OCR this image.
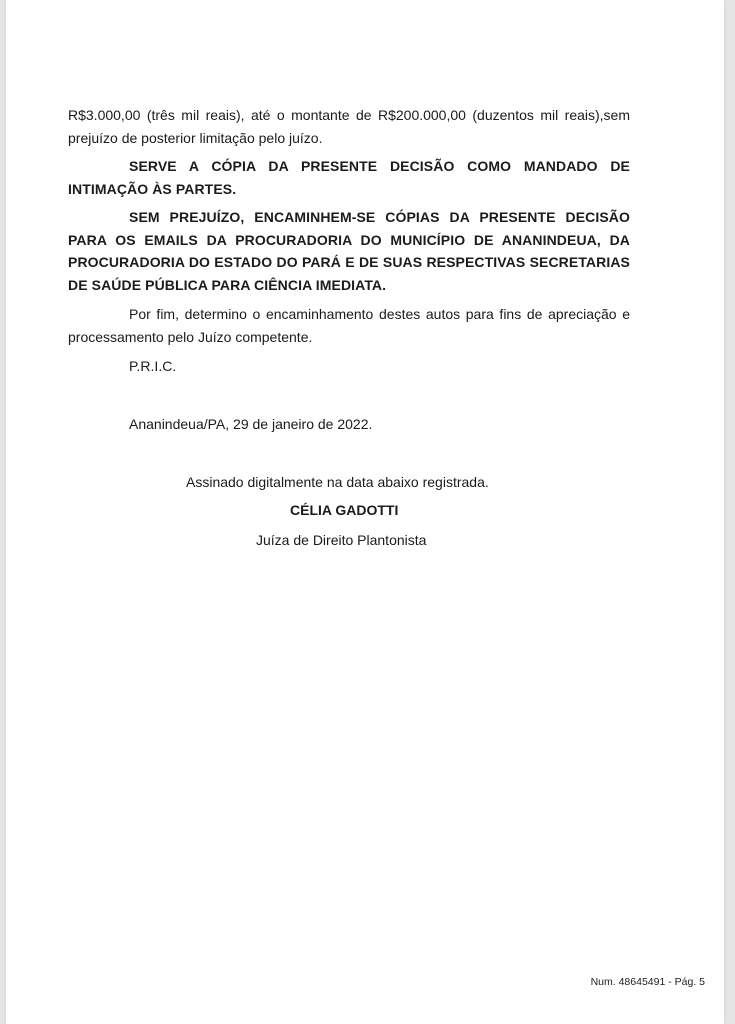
R$3.000,00 (três mil reais), até o montante de R$200.000,00 (duzentos mil reais),sem prejuízo de posterior limitação pelo juízo.
SERVE A CÓPIA DA PRESENTE DECISÃO COMO MANDADO DE INTIMAÇÃO ÀS PARTES.
SEM PREJUÍZO, ENCAMINHEM-SE CÓPIAS DA PRESENTE DECISÃO PARA OS EMAILS DA PROCURADORIA DO MUNICÍPIO DE ANANINDEUA, DA PROCURADORIA DO ESTADO DO PARÁ E DE SUAS RESPECTIVAS SECRETARIAS DE SAÚDE PÚBLICA PARA CIÊNCIA IMEDIATA.
Por fim, determino o encaminhamento destes autos para fins de apreciação e processamento pelo Juízo competente.
P.R.I.C.
Ananindeua/PA, 29 de janeiro de 2022.
Assinado digitalmente na data abaixo registrada.
CÉLIA GADOTTI
Juíza de Direito Plantonista
Num. 48645491 - Pág. 5
